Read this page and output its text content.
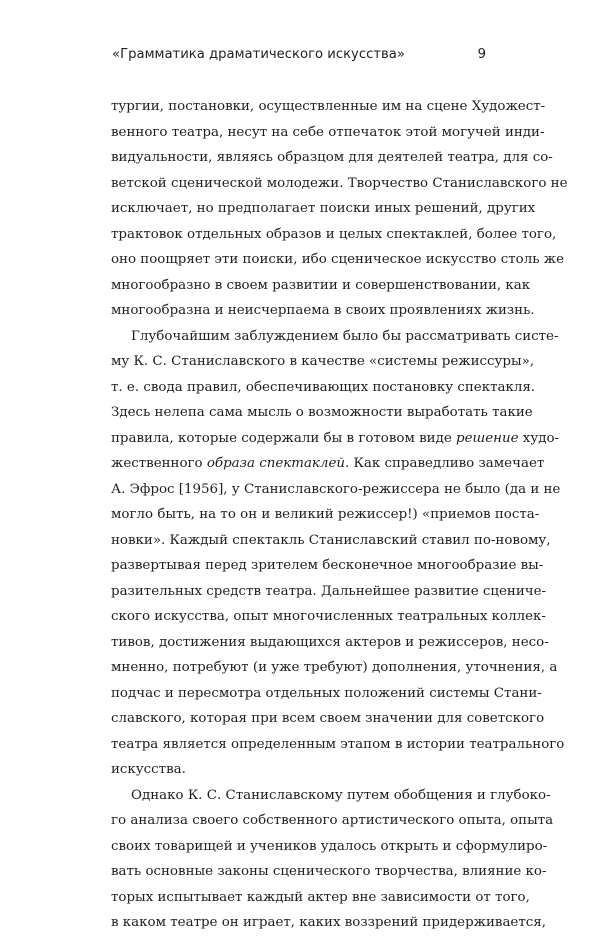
«Грамматика драматического искусства»	9
тургии, постановки, осуществленные им на сцене Художест-
венного театра, несут на себе отпечаток этой могучей инди-
видуальности, являясь образцом для деятелей театра, для со-
ветской сценической молодежи. Творчество Станиславского не
исключает, но предполагает поиски иных решений, других
трактовок отдельных образов и целых спектаклей, более того,
оно поощряет эти поиски, ибо сценическое искусство столь же
многообразно в своем развитии и совершенствовании, как
многообразна и неисчерпаема в своих проявлениях жизнь.
Глубочайшим заблуждением было бы рассматривать систе-
му К. С. Станиславского в качестве «системы режиссуры»,
т. е. свода правил, обеспечивающих постановку спектакля.
Здесь нелепа сама мысль о возможности выработать такие
правила, которые содержали бы в готовом виде решение худо-
жественного образа спектаклей. Как справедливо замечает
А. Эфрос [1956], у Станиславского-режиссера не было (да и не
могло быть, на то он и великий режиссер!) «приемов поста-
новки». Каждый спектакль Станиславский ставил по-новому,
развертывая перед зрителем бесконечное многообразие вы-
разительных средств театра. Дальнейшее развитие сцениче-
ского искусства, опыт многочисленных театральных коллек-
тивов, достижения выдающихся актеров и режиссеров, несо-
мненно, потребуют (и уже требуют) дополнения, уточнения, а
подчас и пересмотра отдельных положений системы Стани-
славского, которая при всем своем значении для советского
театра является определенным этапом в истории театрального
искусства.
Однако К. С. Станиславскому путем обобщения и глубоко-
го анализа своего собственного артистического опыта, опыта
своих товарищей и учеников удалось открыть и сформулиро-
вать основные законы сценического творчества, влияние ко-
торых испытывает каждый актер вне зависимости от того,
в каком театре он играет, каких воззрений придерживается,
